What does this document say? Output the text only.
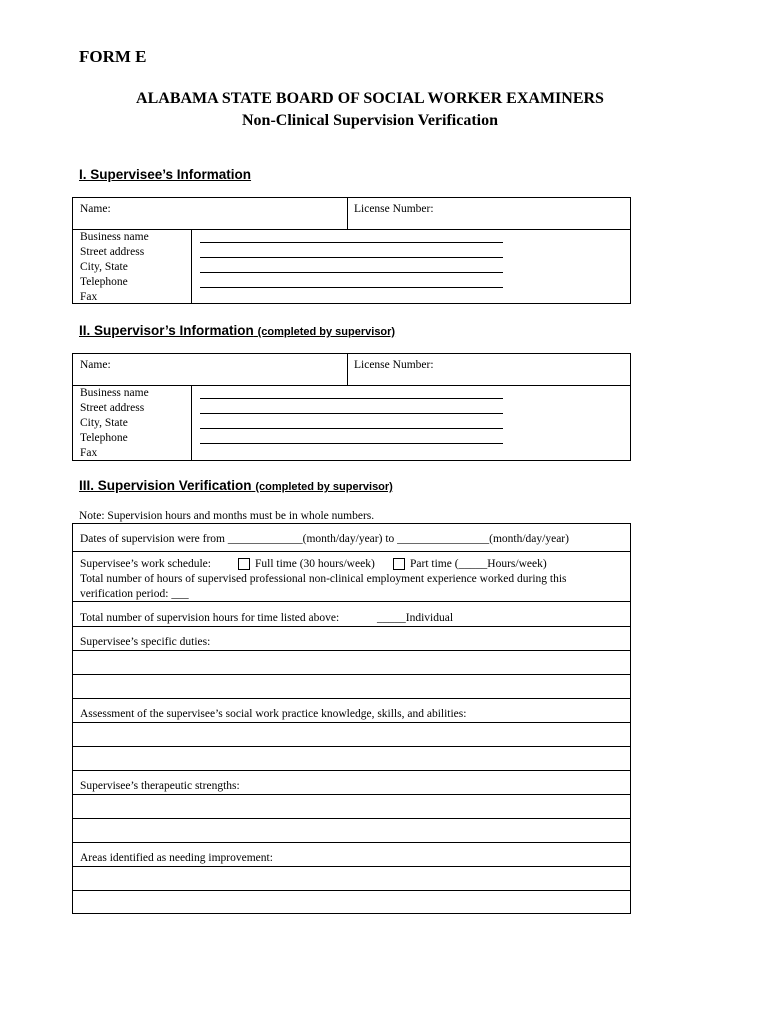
FORM E
ALABAMA STATE BOARD OF SOCIAL WORKER EXAMINERS
Non-Clinical Supervision Verification
I. Supervisee’s Information
Name:	License Number:
Business name
Street address
City, State
Telephone
Fax
II. Supervisor’s Information (completed by supervisor)
Name:	License Number:
Business name
Street address
City, State
Telephone
Fax
III. Supervision Verification (completed by supervisor)
Note: Supervision hours and months must be in whole numbers.
Dates of supervision were from _____________(month/day/year) to ________________(month/day/year)
Supervisee’s work schedule:	Full time (30 hours/week)	Part time (_____Hours/week)
Total number of hours of supervised professional non-clinical employment experience worked during this
verification period: ___
Total number of supervision hours for time listed above:	_____Individual
Supervisee’s specific duties:
Assessment of the supervisee’s social work practice knowledge, skills, and abilities:
Supervisee’s therapeutic strengths:
Areas identified as needing improvement:
